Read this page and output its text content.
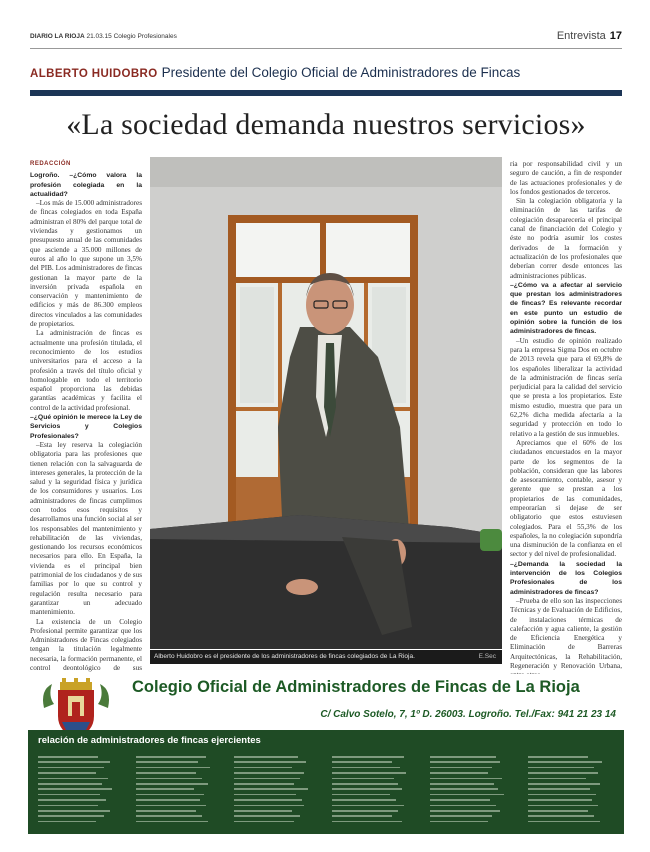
DIARIO LA RIOJA 21.03.15 Colegio Profesionales	Entrevista 17
ALBERTO HUIDOBRO Presidente del Colegio Oficial de Administradores de Fincas
«La sociedad demanda nuestros servicios»

REDACCIÓN

Logroño. –¿Cómo valora la profesión colegiada en la actualidad?

–Los más de 15.000 administradores de fincas colegiados en toda España administran el 80% del parque total de viviendas y gestionamos un presupuesto anual de las comunidades que asciende a 35.000 millones de euros al año lo que supone un 3,5% del PIB. Los administradores de fincas gestionan la mayor parte de la inversión privada española en conservación y mantenimiento de edificios y más de 86.300 empleos directos vinculados a las comunidades de propietarios.

La administración de fincas es actualmente una profesión titulada, el reconocimiento de los estudios universitarios para el acceso a la profesión a través del título oficial y homologable en todo el territorio español proporciona las debidas garantías académicas y facilita el control de la actividad profesional.

–¿Qué opinión le merece la Ley de Servicios y Colegios Profesionales?

–Esta ley reserva la colegiación obligatoria para las profesiones que tienen relación con la salvaguarda de intereses generales, la protección de la salud y la seguridad física y jurídica de los consumidores y usuarios. Los administradores de fincas cumplimos con todos esos requisitos y desarrollamos una función social al ser los responsables del mantenimiento y rehabilitación de las viviendas, gestionando los recursos económicos necesarios para ello. En España, la vivienda es el principal bien patrimonial de los ciudadanos y de sus familias por lo que su control y regulación resulta necesario para garantizar un adecuado mantenimiento.

La existencia de un Colegio Profesional permite garantizar que los Administradores de Fincas colegiados tengan la titulación legalmente necesaria, la formación permanente, el control deontológico de sus

Alberto Huidobro es el presidente de los administradores de fincas colegiados de La Rioja.	E.Sec

ria por responsabilidad civil y un seguro de caución, a fin de responder de las actuaciones profesionales y de los fondos gestionados de terceros.

Sin la colegiación obligatoria y la eliminación de las tarifas de colegiación desaparecería el principal canal de financiación del Colegio y éste no podría asumir los costes derivados de la formación y actualización de los profesionales que deberían correr desde entonces las administraciones públicas.

–¿Cómo va a afectar al servicio que prestan los administradores de fincas? Es relevante recordar en este punto un estudio de opinión sobre la función de los administradores de fincas.

–Un estudio de opinión realizado para la empresa Sigma Dos en octubre de 2013 revela que para el 69,8% de los españoles liberalizar la actividad de la administración de fincas sería perjudicial para la calidad del servicio que se presta a los propietarios. Este mismo estudio, muestra que para un 62,2% dicha medida afectaría a la seguridad y protección en todo lo relativo a la gestión de sus inmuebles.

Apreciamos que el 60% de los ciudadanos encuestados en la mayor parte de los segmentos de la población, consideran que las labores de asesoramiento, contable, asesor y gerente que se prestan a los propietarios de las comunidades, empeorarían si dejase de ser obligatorio que estos estuviesen colegiados. Para el 55,3% de los españoles, la no colegiación supondría una disminución de la confianza en el sector y del nivel de profesionalidad.

–¿Demanda la sociedad la intervención de los Colegios Profesionales de los administradores de fincas?

–Prueba de ello son las inspecciones Técnicas y de Evaluación de Edificios, de instalaciones térmicas de calefacción y agua caliente, la gestión de Eficiencia Energética y Eliminación de Barreras Arquitectónicas, la Rehabilitación, Regeneración y Renovación Urbana,

Colegio Oficial de Administradores de Fincas de La Rioja
C/ Calvo Sotelo, 7, 1º D. 26003. Logroño. Tel./Fax: 941 21 23 14
relación de administradores de fincas ejercientes
